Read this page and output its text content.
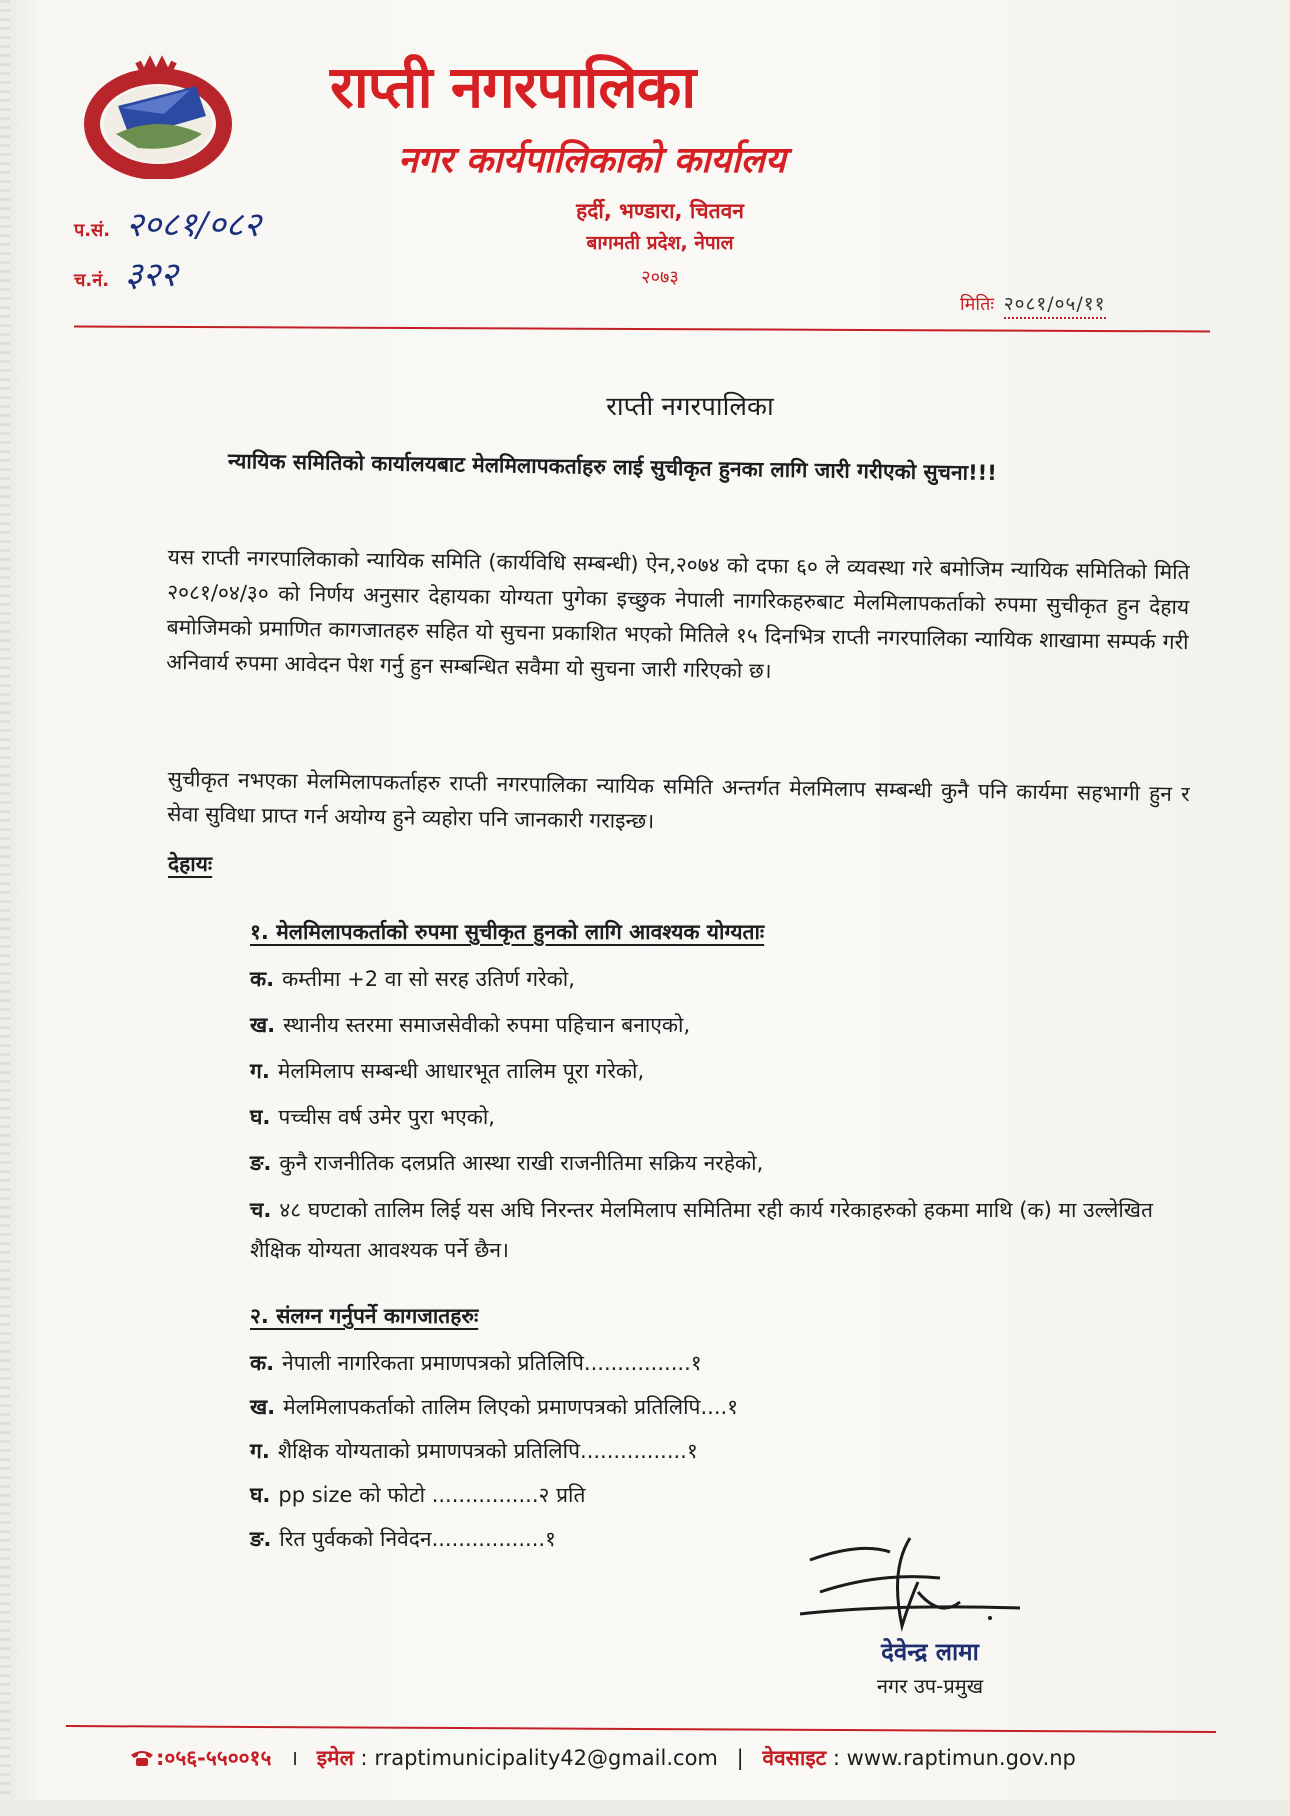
राप्ती नगरपालिका
नगर कार्यपालिकाको कार्यालय
हर्दी, भण्डारा, चितवन
बागमती प्रदेश, नेपाल
२०७३
प.सं. २०८१/०८२
च.नं. ३२२
मितिः २०८१/०५/११
राप्ती नगरपालिका
न्यायिक समितिको कार्यालयबाट मेलमिलापकर्ताहरु लाई सुचीकृत हुनका लागि जारी गरीएको सुचना!!!
यस राप्ती नगरपालिकाको न्यायिक समिति (कार्यविधि सम्बन्धी) ऐन,२०७४ को दफा ६० ले व्यवस्था गरे बमोजिम न्यायिक समितिको मिति २०८१/०४/३० को निर्णय अनुसार देहायका योग्यता पुगेका इच्छुक नेपाली नागरिकहरुबाट मेलमिलापकर्ताको रुपमा सुचीकृत हुन देहाय बमोजिमको प्रमाणित कागजातहरु सहित यो सुचना प्रकाशित भएको मितिले १५ दिनभित्र राप्ती नगरपालिका न्यायिक शाखामा सम्पर्क गरी अनिवार्य रुपमा आवेदन पेश गर्नु हुन सम्बन्धित सवैमा यो सुचना जारी गरिएको छ।
सुचीकृत नभएका मेलमिलापकर्ताहरु राप्ती नगरपालिका न्यायिक समिति अन्तर्गत मेलमिलाप सम्बन्धी कुनै पनि कार्यमा सहभागी हुन र सेवा सुविधा प्राप्त गर्न अयोग्य हुने व्यहोरा पनि जानकारी गराइन्छ।
देहायः
१. मेलमिलापकर्ताको रुपमा सुचीकृत हुनको लागि आवश्यक योग्यताः
क. कम्तीमा +2 वा सो सरह उतिर्ण गरेको,
ख. स्थानीय स्तरमा समाजसेवीको रुपमा पहिचान बनाएको,
ग. मेलमिलाप सम्बन्धी आधारभूत तालिम पूरा गरेको,
घ. पच्चीस वर्ष उमेर पुरा भएको,
ङ. कुनै राजनीतिक दलप्रति आस्था राखी राजनीतिमा सक्रिय नरहेको,
च. ४८ घण्टाको तालिम लिई यस अघि निरन्तर मेलमिलाप समितिमा रही कार्य गरेकाहरुको हकमा माथि (क) मा उल्लेखित शैक्षिक योग्यता आवश्यक पर्ने छैन।
२. संलग्न गर्नुपर्ने कागजातहरुः
क. नेपाली नागरिकता प्रमाणपत्रको प्रतिलिपि................१
ख. मेलमिलापकर्ताको तालिम लिएको प्रमाणपत्रको प्रतिलिपि....१
ग. शैक्षिक योग्यताको प्रमाणपत्रको प्रतिलिपि................१
घ. pp size को फोटो ................२ प्रति
ङ. रित पुर्वकको निवेदन.................१
देवेन्द्र लामा
नगर उप-प्रमुख
:०५६-५५००१५ । इमेल : rraptimunicipality42@gmail.com | वेवसाइट : www.raptimun.gov.np
